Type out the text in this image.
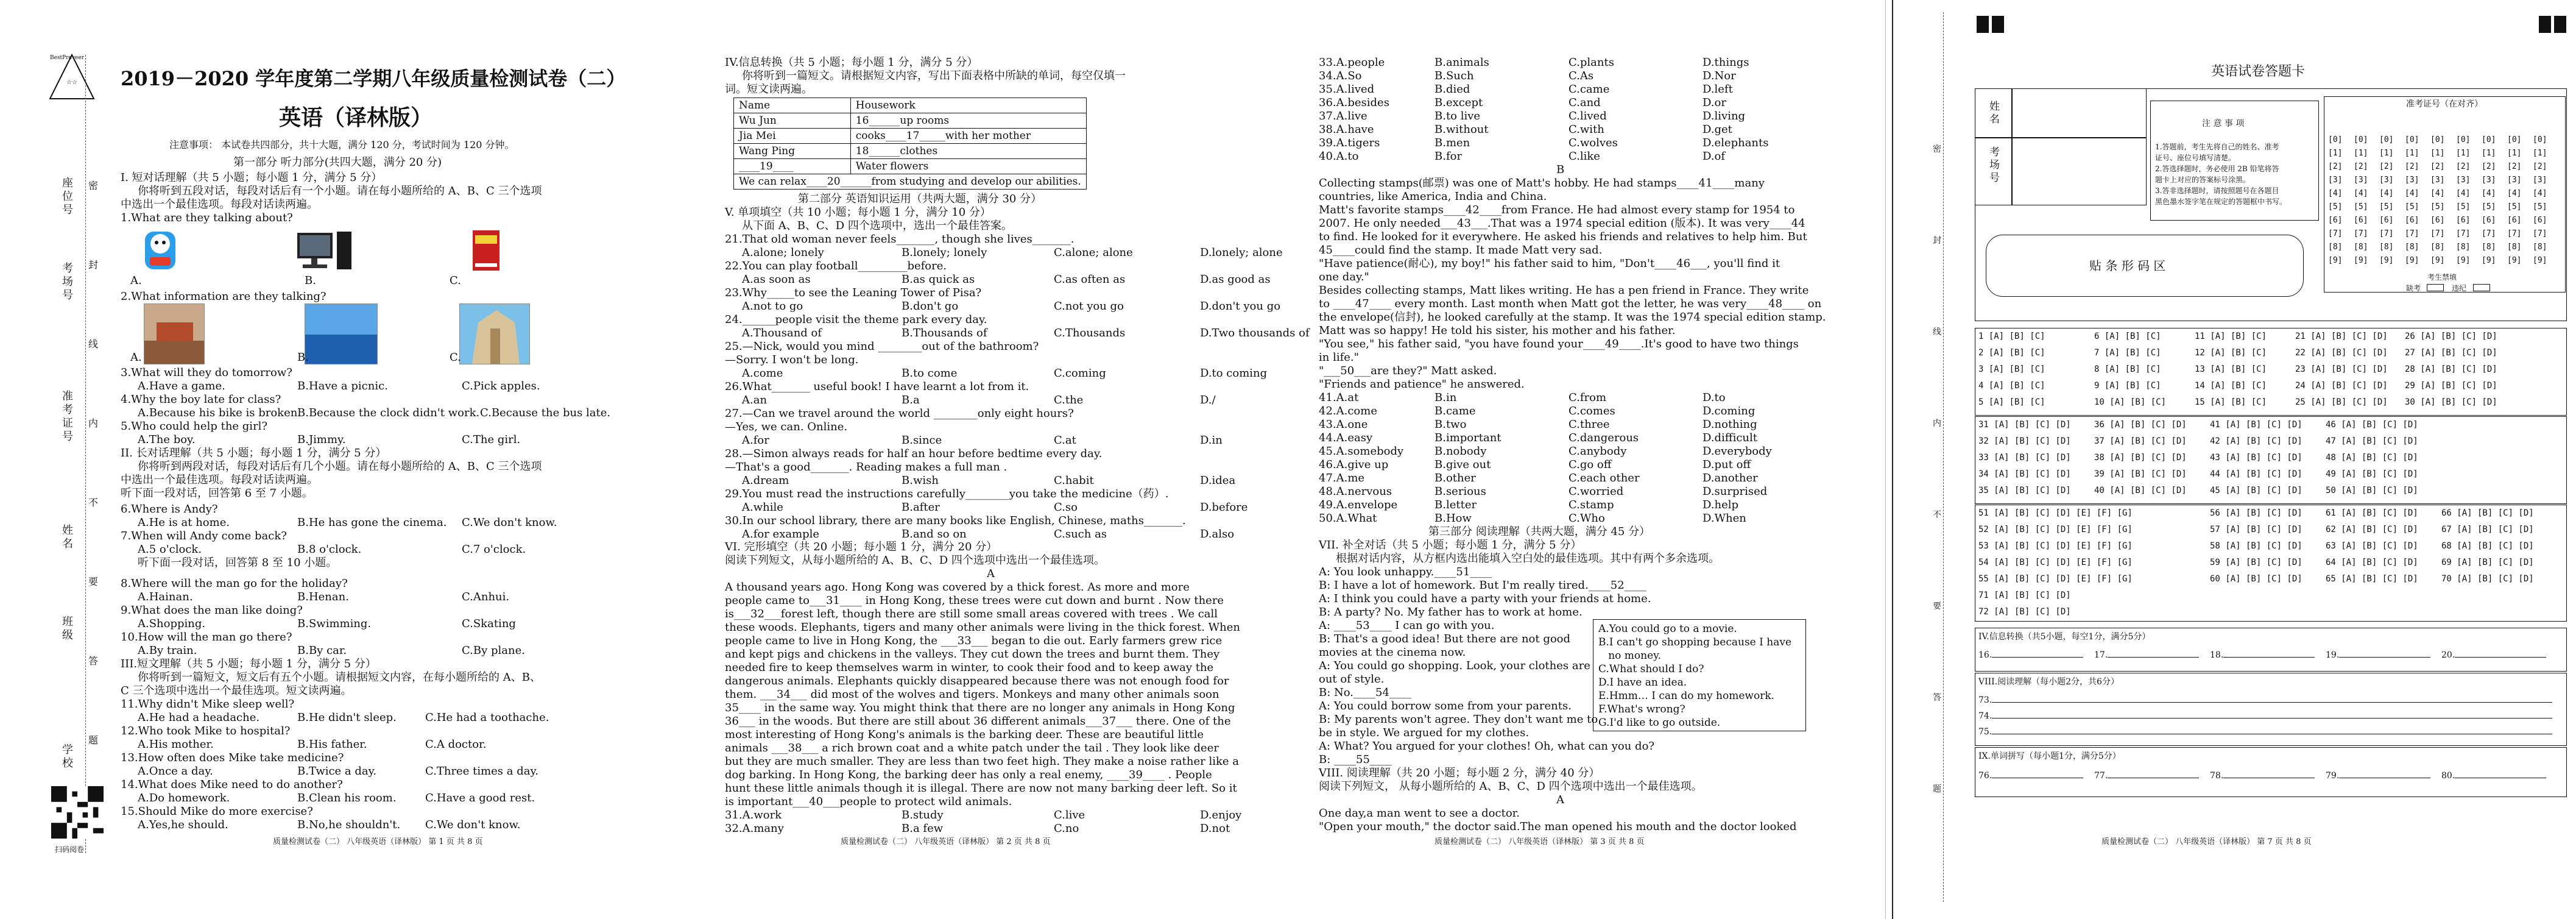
☆☆
BestProveer
座位号
考场号
准考证号
姓名
班级
学校
密
封
线
内
不
要
答
题
扫码阅卷
2019－2020 学年度第二学期八年级质量检测试卷（二）
英语（译林版）
注意事项： 本试卷共四部分，共十大题，满分 120 分，考试时间为 120 分钟。
第一部分 听力部分(共四大题，满分 20 分)
I. 短对话理解（共 5 小题；每小题 1 分，满分 5 分）
你将听到五段对话，每段对话后有一个小题。请在每小题所给的 A、B、C 三个选项
中选出一个最佳选项。每段对话读两遍。
1.What are they talking about?
A.	B.	C.
2.What information are they talking?
A.	B.	C.
3.What will they do tomorrow?
A.Have a game.	B.Have a picnic.	C.Pick apples.
4.Why the boy late for class?
A.Because his bike is broken.
B.Because the clock didn't work. C.Because the bus late.
5.Who could help the girl?
A.The boy.	B.Jimmy.	C.The girl.
II. 长对话理解（共 5 小题；每小题 1 分，满分 5 分）
你将听到两段对话，每段对话后有几个小题。请在每小题所给的 A、B、C 三个选项
中选出一个最佳选项。每段对话读两遍。
听下面一段对话，回答第 6 至 7 小题。
6.Where is Andy?
A.He is at home.	B.He has gone the cinema. C.We don't know.
7.When will Andy come back?
A.5 o'clock.	B.8 o'clock.	C.7 o'clock.
听下面一段对话，回答第 8 至 10 小题。
8.Where will the man go for the holiday?
A.Hainan.	B.Henan.	C.Anhui.
9.What does the man like doing?
A.Shopping.	B.Swimming.	C.Skating
10.How will the man go there?
A.By train.	B.By car.	C.By plane.
III.短文理解（共 5 小题；每小题 1 分，满分 5 分）
你将听到一篇短文，短文后有五个小题。请根据短文内容，在每小题所给的 A、B、
C 三个选项中选出一个最佳选项。短文读两遍。
11.Why didn't Mike sleep well?
A.He had a headache.	B.He didn't sleep.	C.He had a toothache.
12.Who took Mike to hospital?
A.His mother.	B.His father.	C.A doctor.
13.How often does Mike take medicine?
A.Once a day.	B.Twice a day.	C.Three times a day.
14.What does Mike need to do another?
A.Do homework.	B.Clean his room.	C.Have a good rest.
15.Should Mike do more exercise?
A.Yes,he should.	B.No,he shouldn't. C.We don't know.
质量检测试卷（二） 八年级英语（译林版） 第 1 页 共 8 页
IV.信息转换（共 5 小题；每小题 1 分，满分 5 分）
你将听到一篇短文。请根据短文内容，写出下面表格中所缺的单词，每空仅填一
词。短文读两遍。
Name	Housework
Wu Jun	16______up rooms
Jia Mei	cooks____17_____with her mother
Wang Ping	18______clothes
____19____	Water flowers
We can relax____20______from studying and develop our abilities.	
第二部分 英语知识运用（共两大题，满分 30 分）
V. 单项填空（共 10 小题；每小题 1 分，满分 10 分）
从下面 A、B、C、D 四个选项中，选出一个最佳答案。
21.That old woman never feels_______, though she lives_______.
A.alone; lonely	B.lonely; lonely	C.alone; alone	D.lonely; alone
22.You can play football_________before.
A.as soon as	B.as quick as	C.as often as	D.as good as
23.Why_____to see the Leaning Tower of Pisa?
A.not to go	B.don't go	C.not you go	D.don't you go
24.______people visit the theme park every day.
A.Thousand of	B.Thousands of	C.Thousands	D.Two thousands of
25.—Nick, would you mind ________out of the bathroom?
—Sorry. I won't be long.
A.come	B.to come	C.coming	D.to coming
26.What_______ useful book! I have learnt a lot from it.
A.an	B.a	C.the	D./
27.—Can we travel around the world ________only eight hours?
—Yes, we can. Online.
A.for	B.since	C.at	D.in
28.—Simon always reads for half an hour before bedtime every day.
—That's a good_______. Reading makes a full man .
A.dream	B.wish	C.habit	D.idea
29.You must read the instructions carefully________you take the medicine（药）.
A.while	B.after	C.so	D.before
30.In our school library, there are many books like English, Chinese, maths_______.
A.for example	B.and so on	C.such as	D.also
VI. 完形填空（共 20 小题；每小题 1 分，满分 20 分）
阅读下列短文，从每小题所给的 A、B、C、D 四个选项中选出一个最佳选项。
A
A thousand years ago. Hong Kong was covered by a thick forest. As more and more
people came to___31____ in Hong Kong, these trees were cut down and burnt . Now there
is___32___forest left, though there are still some small areas covered with trees . We call
these woods. Elephants, tigers and many other animals were living in the thick forest. When
people came to live in Hong Kong, the ___33___ began to die out. Early farmers grew rice
and kept pigs and chickens in the valleys. They cut down the trees and burnt them. They
needed fire to keep themselves warm in winter, to cook their food and to keep away the
dangerous animals. Elephants quickly disappeared because there was not enough food for
them. ___34___ did most of the wolves and tigers. Monkeys and many other animals soon
35____ in the same way. You might think that there are no longer any animals in Hong Kong
36___ in the woods. But there are still about 36 different animals___37___ there. One of the
most interesting of Hong Kong's animals is the barking deer. These are beautiful little
animals ___38___ a rich brown coat and a white patch under the tail . They look like deer
but they are much smaller. They are less than two feet high. They make a noise rather like a
dog barking. In Hong Kong, the barking deer has only a real enemy, ____39____ . People
hunt these little animals though it is illegal. There are now not many barking deer left. So it
is important___40___people to protect wild animals.
31.A.work	B.study	C.live	D.enjoy
32.A.many	B.a few	C.no	D.not
质量检测试卷（二） 八年级英语（译林版） 第 2 页 共 8 页
33.A.people	B.animals	C.plants	D.things
34.A.So	B.Such	C.As	D.Nor
35.A.lived	B.died	C.came	D.left
36.A.besides	B.except	C.and	D.or
37.A.live	B.to live	C.lived	D.living
38.A.have	B.without	C.with	D.get
39.A.tigers	B.men	C.wolves	D.elephants
40.A.to	B.for	C.like	D.of
B
Collecting stamps(邮票) was one of Matt's hobby. He had stamps____41____many
countries, like America, India and China.
Matt's favorite stamps____42____from France. He had almost every stamp for 1954 to
2007. He only needed___43___.That was a 1974 special edition (版本). It was very____44
to find. He looked for it everywhere. He asked his friends and relatives to help him. But
45____could find the stamp. It made Matt very sad.
"Have patience(耐心), my boy!" his father said to him, "Don't____46___, you'll find it
one day."
Besides collecting stamps, Matt likes writing. He has a pen friend in France. They write
to ____47____ every month. Last month when Matt got the letter, he was very____48____ on
the envelope(信封), he looked carefully at the stamp. It was the 1974 special edition stamp.
Matt was so happy! He told his sister, his mother and his father.
"You see," his father said, "you have found your____49____.It's good to have two things
in life."
"___50___are they?" Matt asked.
"Friends and patience" he answered.
41.A.at	B.in	C.from	D.to
42.A.come	B.came	C.comes	D.coming
43.A.one	B.two	C.three	D.nothing
44.A.easy	B.important	C.dangerous	D.difficult
45.A.somebody	B.nobody	C.anybody	D.everybody
46.A.give up	B.give out	C.go off	D.put off
47.A.me	B.other	C.each other	D.another
48.A.nervous	B.serious	C.worried	D.surprised
49.A.envelope	B.letter	C.stamp	D.help
50.A.What	B.How	C.Who	D.When
第三部分 阅读理解（共两大题，满分 45 分）
VII. 补全对话（共 5 小题；每小题 1 分，满分 5 分）
根据对话内容，从方框内选出能填入空白处的最佳选项。其中有两个多余选项。
A: You look unhappy.____51____
B: I have a lot of homework. But I'm really tired.____52____
A: I think you could have a party with your friends at home.
B: A party? No. My father has to work at home.
A: ____53____ I can go with you.
B: That's a good idea! But there are not good
movies at the cinema now.
A: You could go shopping. Look, your clothes are
out of style.
B: No.____54____
A: You could borrow some from your parents.
B: My parents won't agree. They don't want me to
be in style. We argued for my clothes.
A: What? You argued for your clothes! Oh, what can you do?
B: ____55____
A.You could go to a movie.
B.I can't go shopping because I have
no money.
C.What should I do?
D.I have an idea.
E.Hmm… I can do my homework.
F.What's wrong?
G.I'd like to go outside.
VIII. 阅读理解（共 20 小题；每小题 2 分，满分 40 分）
阅读下列短文， 从每小题所给的 A、B、C、D 四个选项中选出一个最佳选项。
A
One day,a man went to see a doctor.
"Open your mouth," the doctor said.The man opened his mouth and the doctor looked
质量检测试卷（二） 八年级英语（译林版） 第 3 页 共 8 页
密
封
线
内
不
要
答
题
英语试卷答题卡
姓名
考场号
注 意 事 项
1.答题前，考生先将自己的姓名、准考
证号、座位号填写清楚。
2.答选择题时，务必使用 2B 铅笔将答
题卡上对应的答案标号涂黑。
3.答非选择题时，请按照题号在各题目
黑色墨水签字笔在规定的答题框中书写。
准考证号（在对齐）
[0] [0] [0] [0] [0] [0] [0] [0] [0]
[1] [1] [1] [1] [1] [1] [1] [1] [1]
[2] [2] [2] [2] [2] [2] [2] [2] [2]
[3] [3] [3] [3] [3] [3] [3] [3] [3]
[4] [4] [4] [4] [4] [4] [4] [4] [4]
[5] [5] [5] [5] [5] [5] [5] [5] [5]
[6] [6] [6] [6] [6] [6] [6] [6] [6]
[7] [7] [7] [7] [7] [7] [7] [7] [7]
[8] [8] [8] [8] [8] [8] [8] [8] [8]
[9] [9] [9] [9] [9] [9] [9] [9] [9]
考生禁填
缺考	违纪
贴 条 形 码 区
1 [A] [B] [C]	6 [A] [B] [C]	11 [A] [B] [C]	21 [A] [B] [C] [D] 26 [A] [B] [C] [D]
2 [A] [B] [C]	7 [A] [B] [C]	12 [A] [B] [C]	22 [A] [B] [C] [D] 27 [A] [B] [C] [D]
3 [A] [B] [C]	8 [A] [B] [C]	13 [A] [B] [C]	23 [A] [B] [C] [D] 28 [A] [B] [C] [D]
4 [A] [B] [C]	9 [A] [B] [C]	14 [A] [B] [C]	24 [A] [B] [C] [D] 29 [A] [B] [C] [D]
5 [A] [B] [C]	10 [A] [B] [C]	15 [A] [B] [C]	25 [A] [B] [C] [D] 30 [A] [B] [C] [D]
31 [A] [B] [C] [D]	36 [A] [B] [C] [D]	41 [A] [B] [C] [D]	46 [A] [B] [C] [D]
32 [A] [B] [C] [D]	37 [A] [B] [C] [D]	42 [A] [B] [C] [D]	47 [A] [B] [C] [D]
33 [A] [B] [C] [D]	38 [A] [B] [C] [D]	43 [A] [B] [C] [D]	48 [A] [B] [C] [D]
34 [A] [B] [C] [D]	39 [A] [B] [C] [D]	44 [A] [B] [C] [D]	49 [A] [B] [C] [D]
35 [A] [B] [C] [D]	40 [A] [B] [C] [D]	45 [A] [B] [C] [D]	50 [A] [B] [C] [D]
51 [A] [B] [C] [D] [E] [F] [G]	56 [A] [B] [C] [D]	61 [A] [B] [C] [D]	66 [A] [B] [C] [D]
52 [A] [B] [C] [D] [E] [F] [G]	57 [A] [B] [C] [D]	62 [A] [B] [C] [D]	67 [A] [B] [C] [D]
53 [A] [B] [C] [D] [E] [F] [G]	58 [A] [B] [C] [D]	63 [A] [B] [C] [D]	68 [A] [B] [C] [D]
54 [A] [B] [C] [D] [E] [F] [G]	59 [A] [B] [C] [D]	64 [A] [B] [C] [D]	69 [A] [B] [C] [D]
55 [A] [B] [C] [D] [E] [F] [G]	60 [A] [B] [C] [D]	65 [A] [B] [C] [D]	70 [A] [B] [C] [D]
71 [A] [B] [C] [D]
72 [A] [B] [C] [D]
IV.信息转换（共5小题，每空1分，满分5分）
16.	17.	18.	19.	20.
VIII.阅读理解（每小题2分，共6分）
73.
74.
75.
IX.单词拼写（每小题1分，满分5分）
76.	77.	78.	79.	80.
质量检测试卷（二） 八年级英语（译林版） 第 7 页 共 8 页
